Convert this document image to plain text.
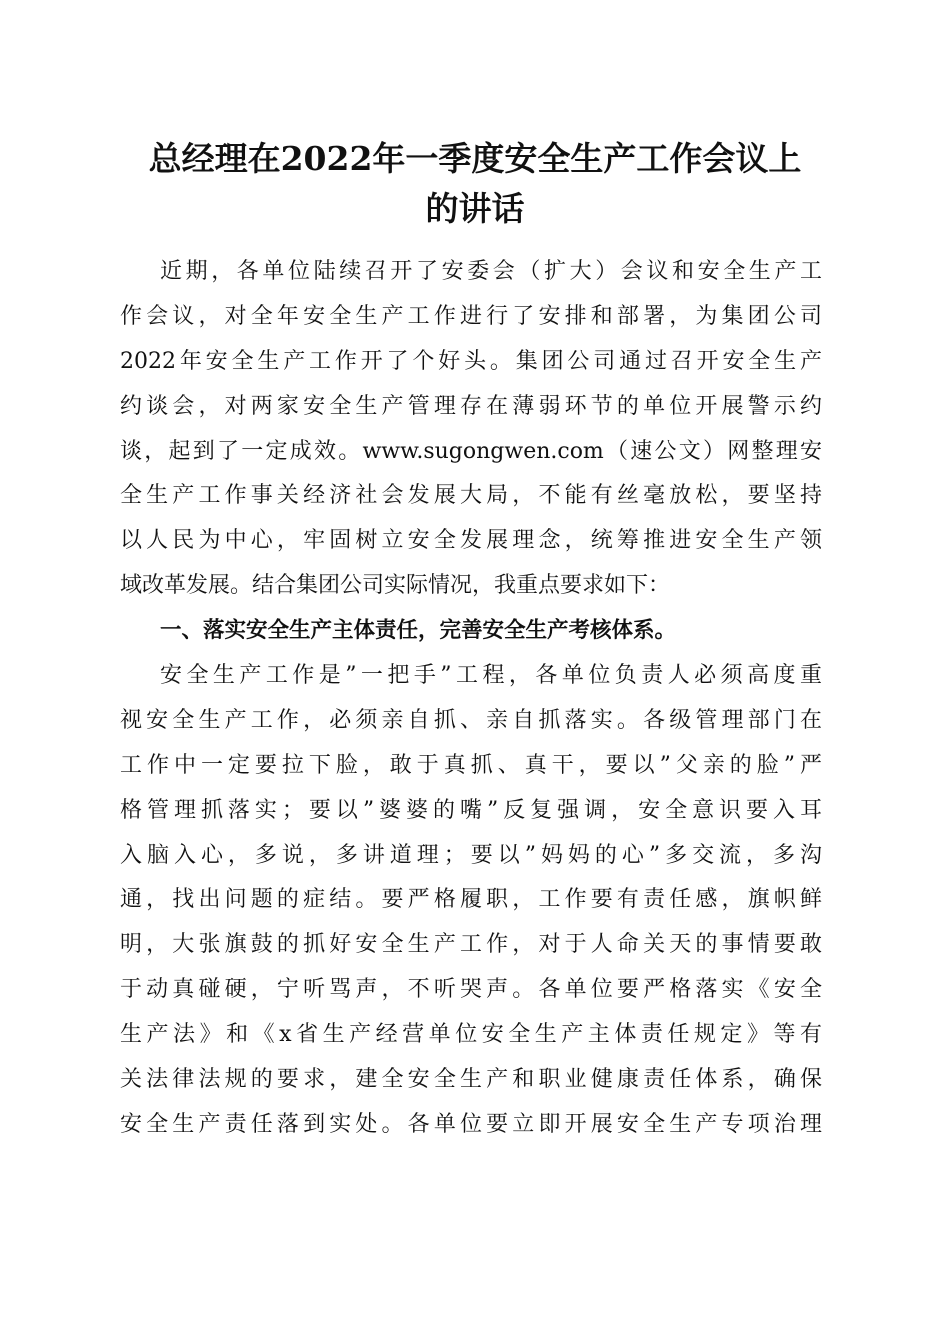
总经理在2022年一季度安全生产工作会议上
的讲话
近期，各单位陆续召开了安委会（扩大）会议和安全生产工
作会议，对全年安全生产工作进行了安排和部署，为集团公司
2022年安全生产工作开了个好头。集团公司通过召开安全生产
约谈会，对两家安全生产管理存在薄弱环节的单位开展警示约
谈，起到了一定成效。www.sugongwen.com（速公文）网整理安
全生产工作事关经济社会发展大局，不能有丝毫放松，要坚持
以人民为中心，牢固树立安全发展理念，统筹推进安全生产领
域改革发展。结合集团公司实际情况，我重点要求如下：
一、落实安全生产主体责任，完善安全生产考核体系。
安全生产工作是”一把手”工程，各单位负责人必须高度重
视安全生产工作，必须亲自抓、亲自抓落实。各级管理部门在
工作中一定要拉下脸，敢于真抓、真干，要以”父亲的脸”严
格管理抓落实；要以”婆婆的嘴”反复强调，安全意识要入耳
入脑入心，多说，多讲道理；要以”妈妈的心”多交流，多沟
通，找出问题的症结。要严格履职，工作要有责任感，旗帜鲜
明，大张旗鼓的抓好安全生产工作，对于人命关天的事情要敢
于动真碰硬，宁听骂声，不听哭声。各单位要严格落实《安全
生产法》和《x省生产经营单位安全生产主体责任规定》等有
关法律法规的要求，建全安全生产和职业健康责任体系，确保
安全生产责任落到实处。各单位要立即开展安全生产专项治理
